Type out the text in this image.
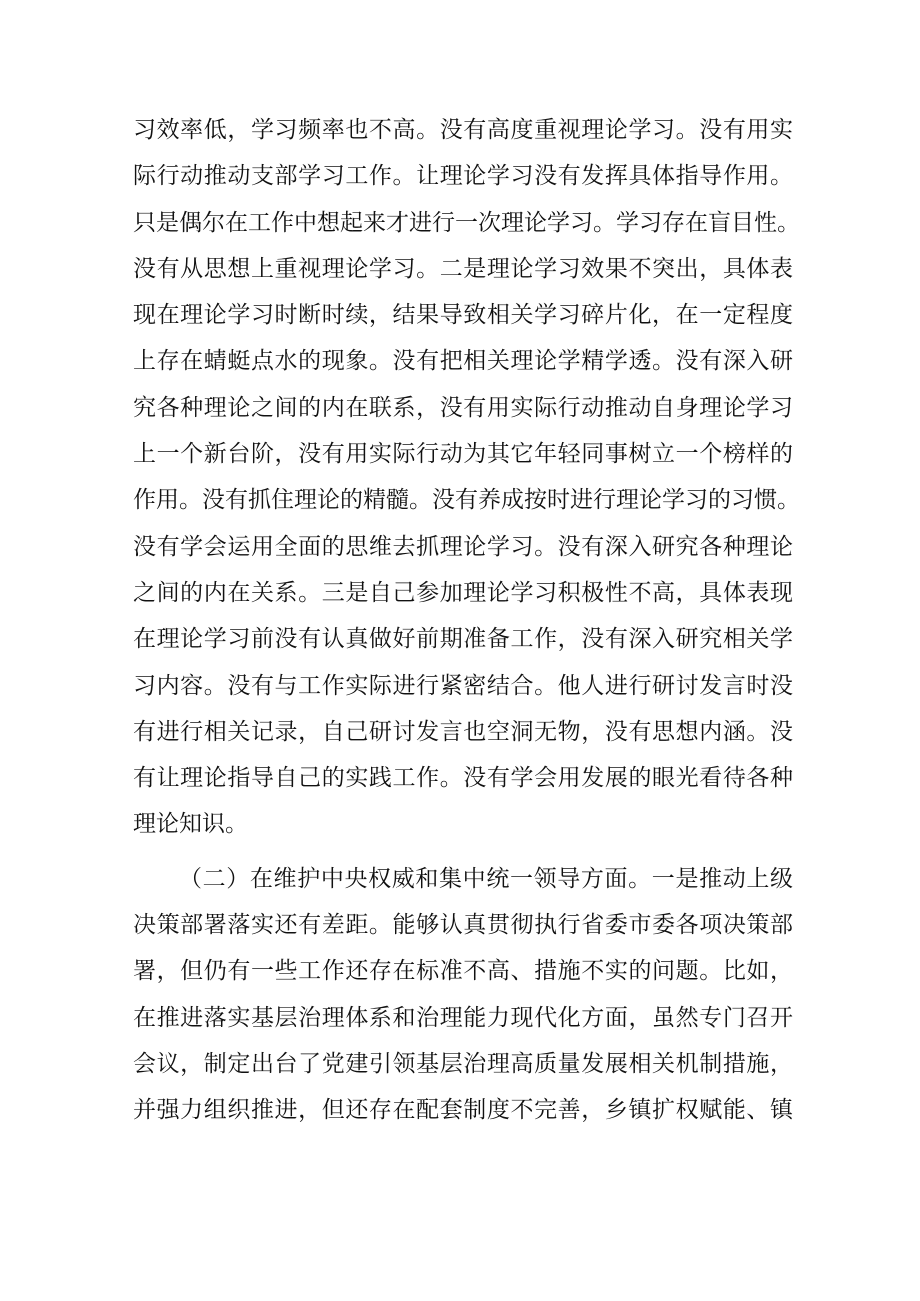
习效率低，学习频率也不高。没有高度重视理论学习。没有用实
际行动推动支部学习工作。让理论学习没有发挥具体指导作用。
只是偶尔在工作中想起来才进行一次理论学习。学习存在盲目性。
没有从思想上重视理论学习。二是理论学习效果不突出，具体表
现在理论学习时断时续，结果导致相关学习碎片化，在一定程度
上存在蜻蜓点水的现象。没有把相关理论学精学透。没有深入研
究各种理论之间的内在联系，没有用实际行动推动自身理论学习
上一个新台阶，没有用实际行动为其它年轻同事树立一个榜样的
作用。没有抓住理论的精髓。没有养成按时进行理论学习的习惯。
没有学会运用全面的思维去抓理论学习。没有深入研究各种理论
之间的内在关系。三是自己参加理论学习积极性不高，具体表现
在理论学习前没有认真做好前期准备工作，没有深入研究相关学
习内容。没有与工作实际进行紧密结合。他人进行研讨发言时没
有进行相关记录，自己研讨发言也空洞无物，没有思想内涵。没
有让理论指导自己的实践工作。没有学会用发展的眼光看待各种
理论知识。
（二）在维护中央权威和集中统一领导方面。一是推动上级
决策部署落实还有差距。能够认真贯彻执行省委市委各项决策部
署，但仍有一些工作还存在标准不高、措施不实的问题。比如，
在推进落实基层治理体系和治理能力现代化方面，虽然专门召开
会议，制定出台了党建引领基层治理高质量发展相关机制措施，
并强力组织推进，但还存在配套制度不完善，乡镇扩权赋能、镇
